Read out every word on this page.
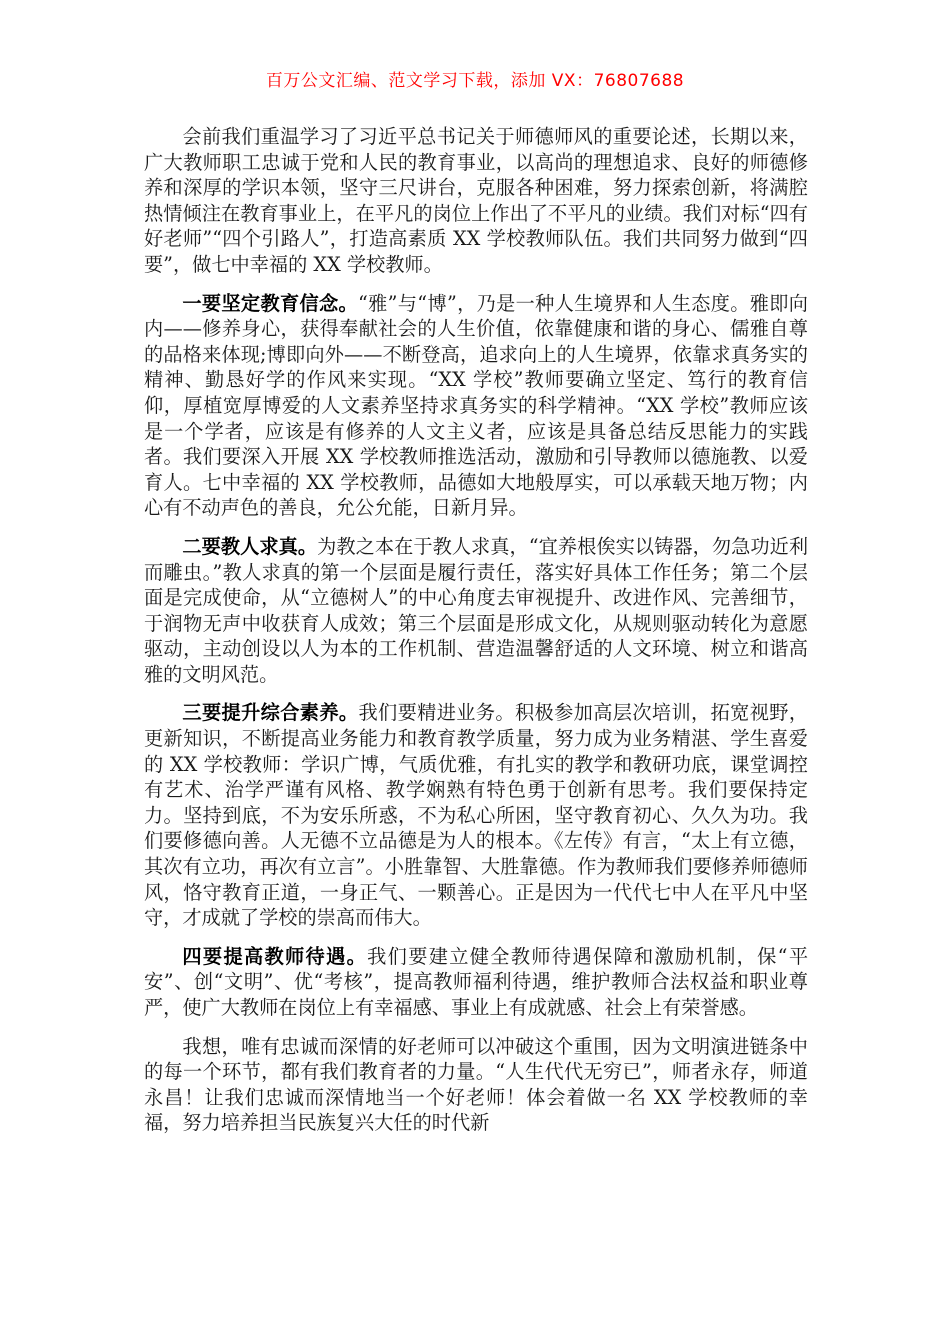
百万公文汇编、范文学习下载，添加 VX：76807688

会前我们重温学习了习近平总书记关于师德师风的重要论述，长期以来，广大教师职工忠诚于党和人民的教育事业，以高尚的理想追求、良好的师德修养和深厚的学识本领，坚守三尺讲台，克服各种困难，努力探索创新，将满腔热情倾注在教育事业上，在平凡的岗位上作出了不平凡的业绩。我们对标“四有好老师”“四个引路人”，打造高素质 XX 学校教师队伍。我们共同努力做到“四要”，做七中幸福的 XX 学校教师。

一要坚定教育信念。“雅”与“博”，乃是一种人生境界和人生态度。雅即向内——修养身心，获得奉献社会的人生价值，依靠健康和谐的身心、儒雅自尊的品格来体现;博即向外——不断登高，追求向上的人生境界，依靠求真务实的精神、勤恳好学的作风来实现。“XX 学校”教师要确立坚定、笃行的教育信仰，厚植宽厚博爱的人文素养坚持求真务实的科学精神。“XX 学校”教师应该是一个学者，应该是有修养的人文主义者，应该是具备总结反思能力的实践者。我们要深入开展 XX 学校教师推选活动，激励和引导教师以德施教、以爱育人。七中幸福的 XX 学校教师，品德如大地般厚实，可以承载天地万物；内心有不动声色的善良，允公允能，日新月异。

二要教人求真。为教之本在于教人求真，“宜养根俟实以铸器，勿急功近利而雕虫。”教人求真的第一个层面是履行责任，落实好具体工作任务；第二个层面是完成使命，从“立德树人”的中心角度去审视提升、改进作风、完善细节，于润物无声中收获育人成效；第三个层面是形成文化，从规则驱动转化为意愿驱动，主动创设以人为本的工作机制、营造温馨舒适的人文环境、树立和谐高雅的文明风范。

三要提升综合素养。我们要精进业务。积极参加高层次培训，拓宽视野，更新知识，不断提高业务能力和教育教学质量，努力成为业务精湛、学生喜爱的 XX 学校教师：学识广博，气质优雅，有扎实的教学和教研功底，课堂调控有艺术、治学严谨有风格、教学娴熟有特色勇于创新有思考。我们要保持定力。坚持到底，不为安乐所惑，不为私心所困，坚守教育初心、久久为功。我们要修德向善。人无德不立品德是为人的根本。《左传》有言，“太上有立德，其次有立功，再次有立言”。小胜靠智、大胜靠德。作为教师我们要修养师德师风，恪守教育正道，一身正气、一颗善心。正是因为一代代七中人在平凡中坚守，才成就了学校的崇高而伟大。

四要提高教师待遇。我们要建立健全教师待遇保障和激励机制，保“平安”、创“文明”、优“考核”，提高教师福利待遇，维护教师合法权益和职业尊严，使广大教师在岗位上有幸福感、事业上有成就感、社会上有荣誉感。

我想，唯有忠诚而深情的好老师可以冲破这个重围，因为文明演进链条中的每一个环节，都有我们教育者的力量。“人生代代无穷已”，师者永存，师道永昌！让我们忠诚而深情地当一个好老师！体会着做一名 XX 学校教师的幸福，努力培养担当民族复兴大任的时代新
